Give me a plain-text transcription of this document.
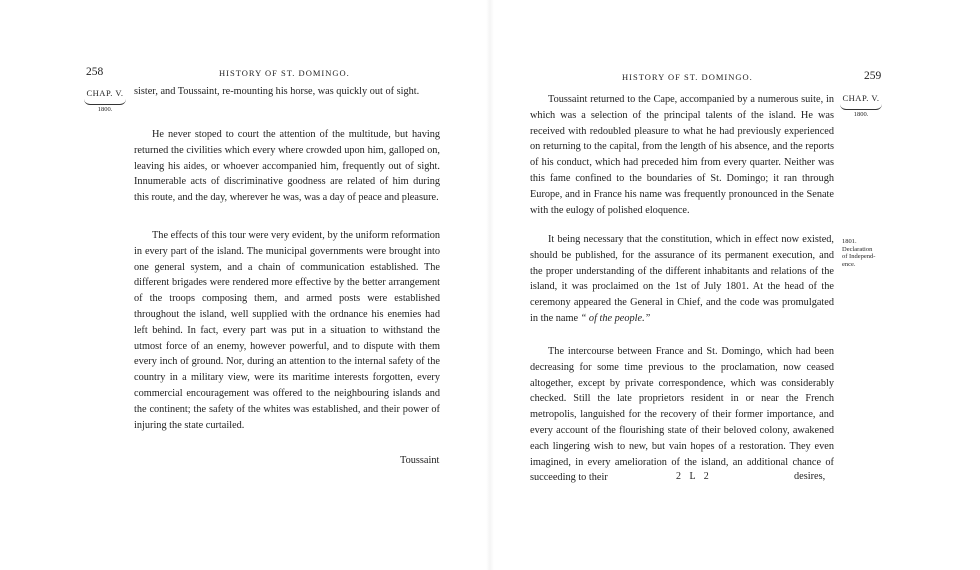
258	HISTORY OF ST. DOMINGO.
CHAP. V.
1800.

sister, and Toussaint, re-mounting his horse, was quickly out of sight.

He never stoped to court the attention of the multitude, but having returned the civilities which every where crowded upon him, galloped on, leaving his aides, or whoever accompanied him, frequently out of sight. Innumerable acts of discriminative goodness are related of him during this route, and the day, wherever he was, was a day of peace and pleasure.

The effects of this tour were very evident, by the uniform reformation in every part of the island. The municipal governments were brought into one general system, and a chain of communication established. The different brigades were rendered more effective by the better arrangement of the troops composing them, and armed posts were established throughout the island, well supplied with the ordnance his enemies had left behind. In fact, every part was put in a situation to withstand the utmost force of an enemy, however powerful, and to dispute with them every inch of ground. Nor, during an attention to the internal safety of the country in a military view, were its maritime interests forgotten, every commercial encouragement was offered to the neighbouring islands and the continent; the safety of the whites was established, and their power of injuring the state curtailed.

Toussaint
HISTORY OF ST. DOMINGO.	259
CHAP. V.
1800.

Toussaint returned to the Cape, accompanied by a numerous suite, in which was a selection of the principal talents of the island. He was received with redoubled pleasure to what he had previously experienced on returning to the capital, from the length of his absence, and the reports of his conduct, which had preceded him from every quarter. Neither was this fame confined to the boundaries of St. Domingo; it ran through Europe, and in France his name was frequently pronounced in the Senate with the eulogy of polished eloquence.

It being necessary that the constitution, which in effect now existed, should be published, for the assurance of its permanent execution, and the proper understanding of the different inhabitants and relations of the island, it was proclaimed on the 1st of July 1801. At the head of the ceremony appeared the General in Chief, and the code was promulgated in the name “ of the people.”

1801.
Declaration
of Independ-
ence.

The intercourse between France and St. Domingo, which had been decreasing for some time previous to the proclamation, now ceased altogether, except by private correspondence, which was considerably checked. Still the late proprietors resident in or near the French metropolis, languished for the recovery of their former importance, and every account of the flourishing state of their beloved colony, awakened each lingering wish to new, but vain hopes of a restoration. They even imagined, in every amelioration of the island, an additional chance of succeeding to their	2 L 2	desires,
